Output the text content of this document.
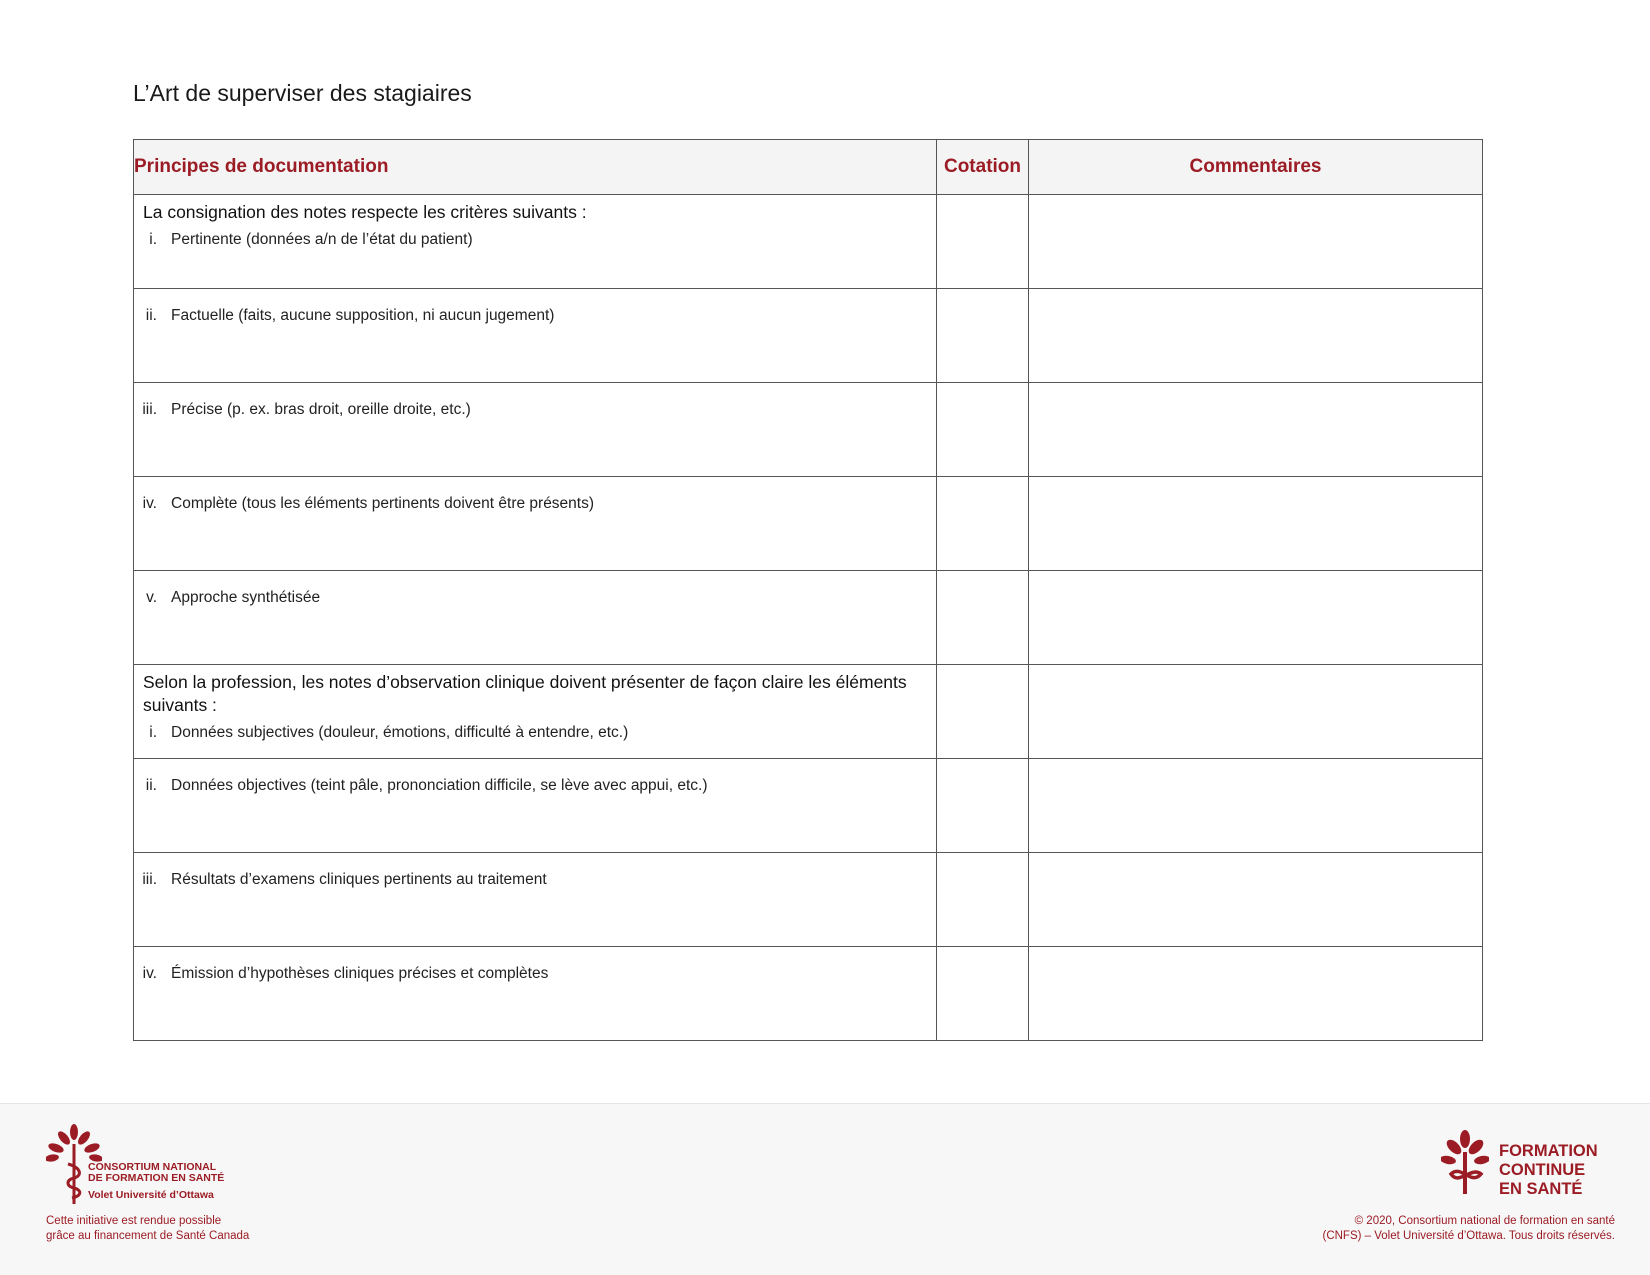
L’Art de superviser des stagiaires
Principes de documentation	Cotation	Commentaires

La consignation des notes respecte les critères suivants :
i. Pertinente (données a/n de l’état du patient)		

ii. Factuelle (faits, aucune supposition, ni aucun jugement)		

iii. Précise (p. ex. bras droit, oreille droite, etc.)		

iv. Complète (tous les éléments pertinents doivent être présents)		

v. Approche synthétisée		

Selon la profession, les notes d’observation clinique doivent présenter de façon claire les éléments suivants :
i. Données subjectives (douleur, émotions, difficulté à entendre, etc.)		

ii. Données objectives (teint pâle, prononciation difficile, se lève avec appui, etc.)		

iii. Résultats d’examens cliniques pertinents au traitement		

iv. Émission d’hypothèses cliniques précises et complètes		

CONSORTIUM NATIONAL
DE FORMATION EN SANTÉ
Volet Université d’Ottawa
Cette initiative est rendue possible
grâce au financement de Santé Canada
FORMATION
CONTINUE
EN SANTÉ
© 2020, Consortium national de formation en santé
(CNFS) – Volet Université d’Ottawa. Tous droits réservés.
